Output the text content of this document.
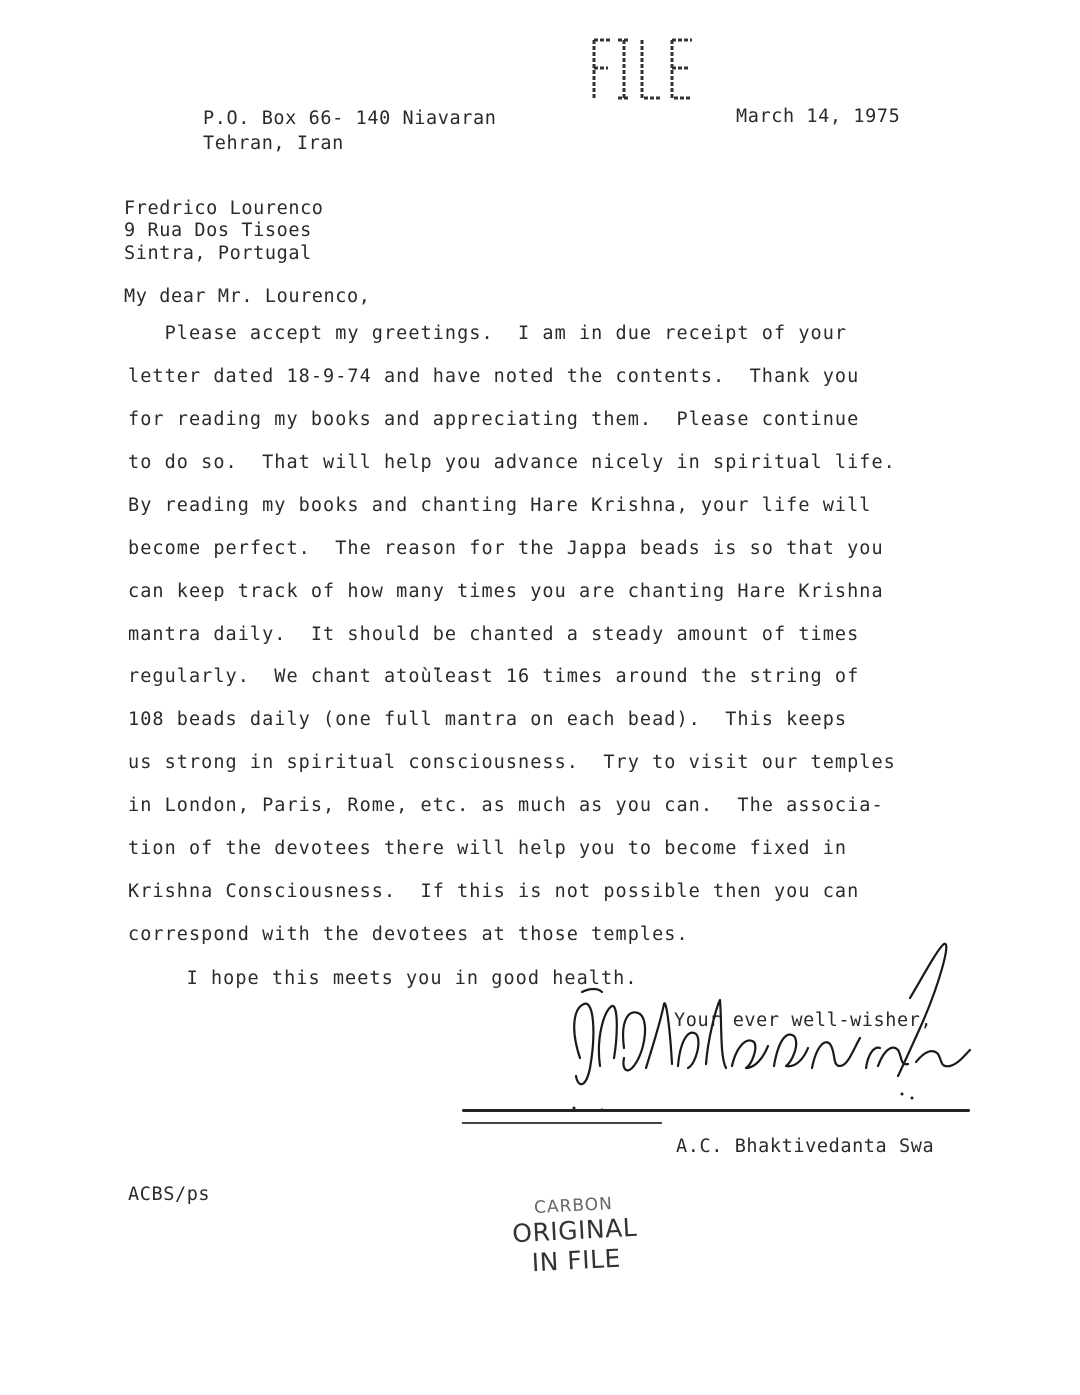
P.O. Box 66- 140 Niavaran
Tehran, Iran
March 14, 1975
Fredrico Lourenco
9 Rua Dos Tisoes
Sintra, Portugal
My dear Mr. Lourenco,
Please accept my greetings.  I am in due receipt of your
letter dated 18-9-74 and have noted the contents.  Thank you
for reading my books and appreciating them.  Please continue
to do so.  That will help you advance nicely in spiritual life.
By reading my books and chanting Hare Krishna, your life will
become perfect.  The reason for the Jappa beads is so that you
can keep track of how many times you are chanting Hare Krishna
mantra daily.  It should be chanted a steady amount of times
regularly.  We chant atoù̈least 16 times around the string of
108 beads daily (one full mantra on each bead).  This keeps
us strong in spiritual consciousness.  Try to visit our temples
in London, Paris, Rome, etc. as much as you can.  The associa-
tion of the devotees there will help you to become fixed in
Krishna Consciousness.  If this is not possible then you can
correspond with the devotees at those temples.
I hope this meets you in good health.
Your ever well-wisher,
A.C. Bhaktivedanta Swa
ACBS/ps	CARBON
ORIGINAL
IN FILE
